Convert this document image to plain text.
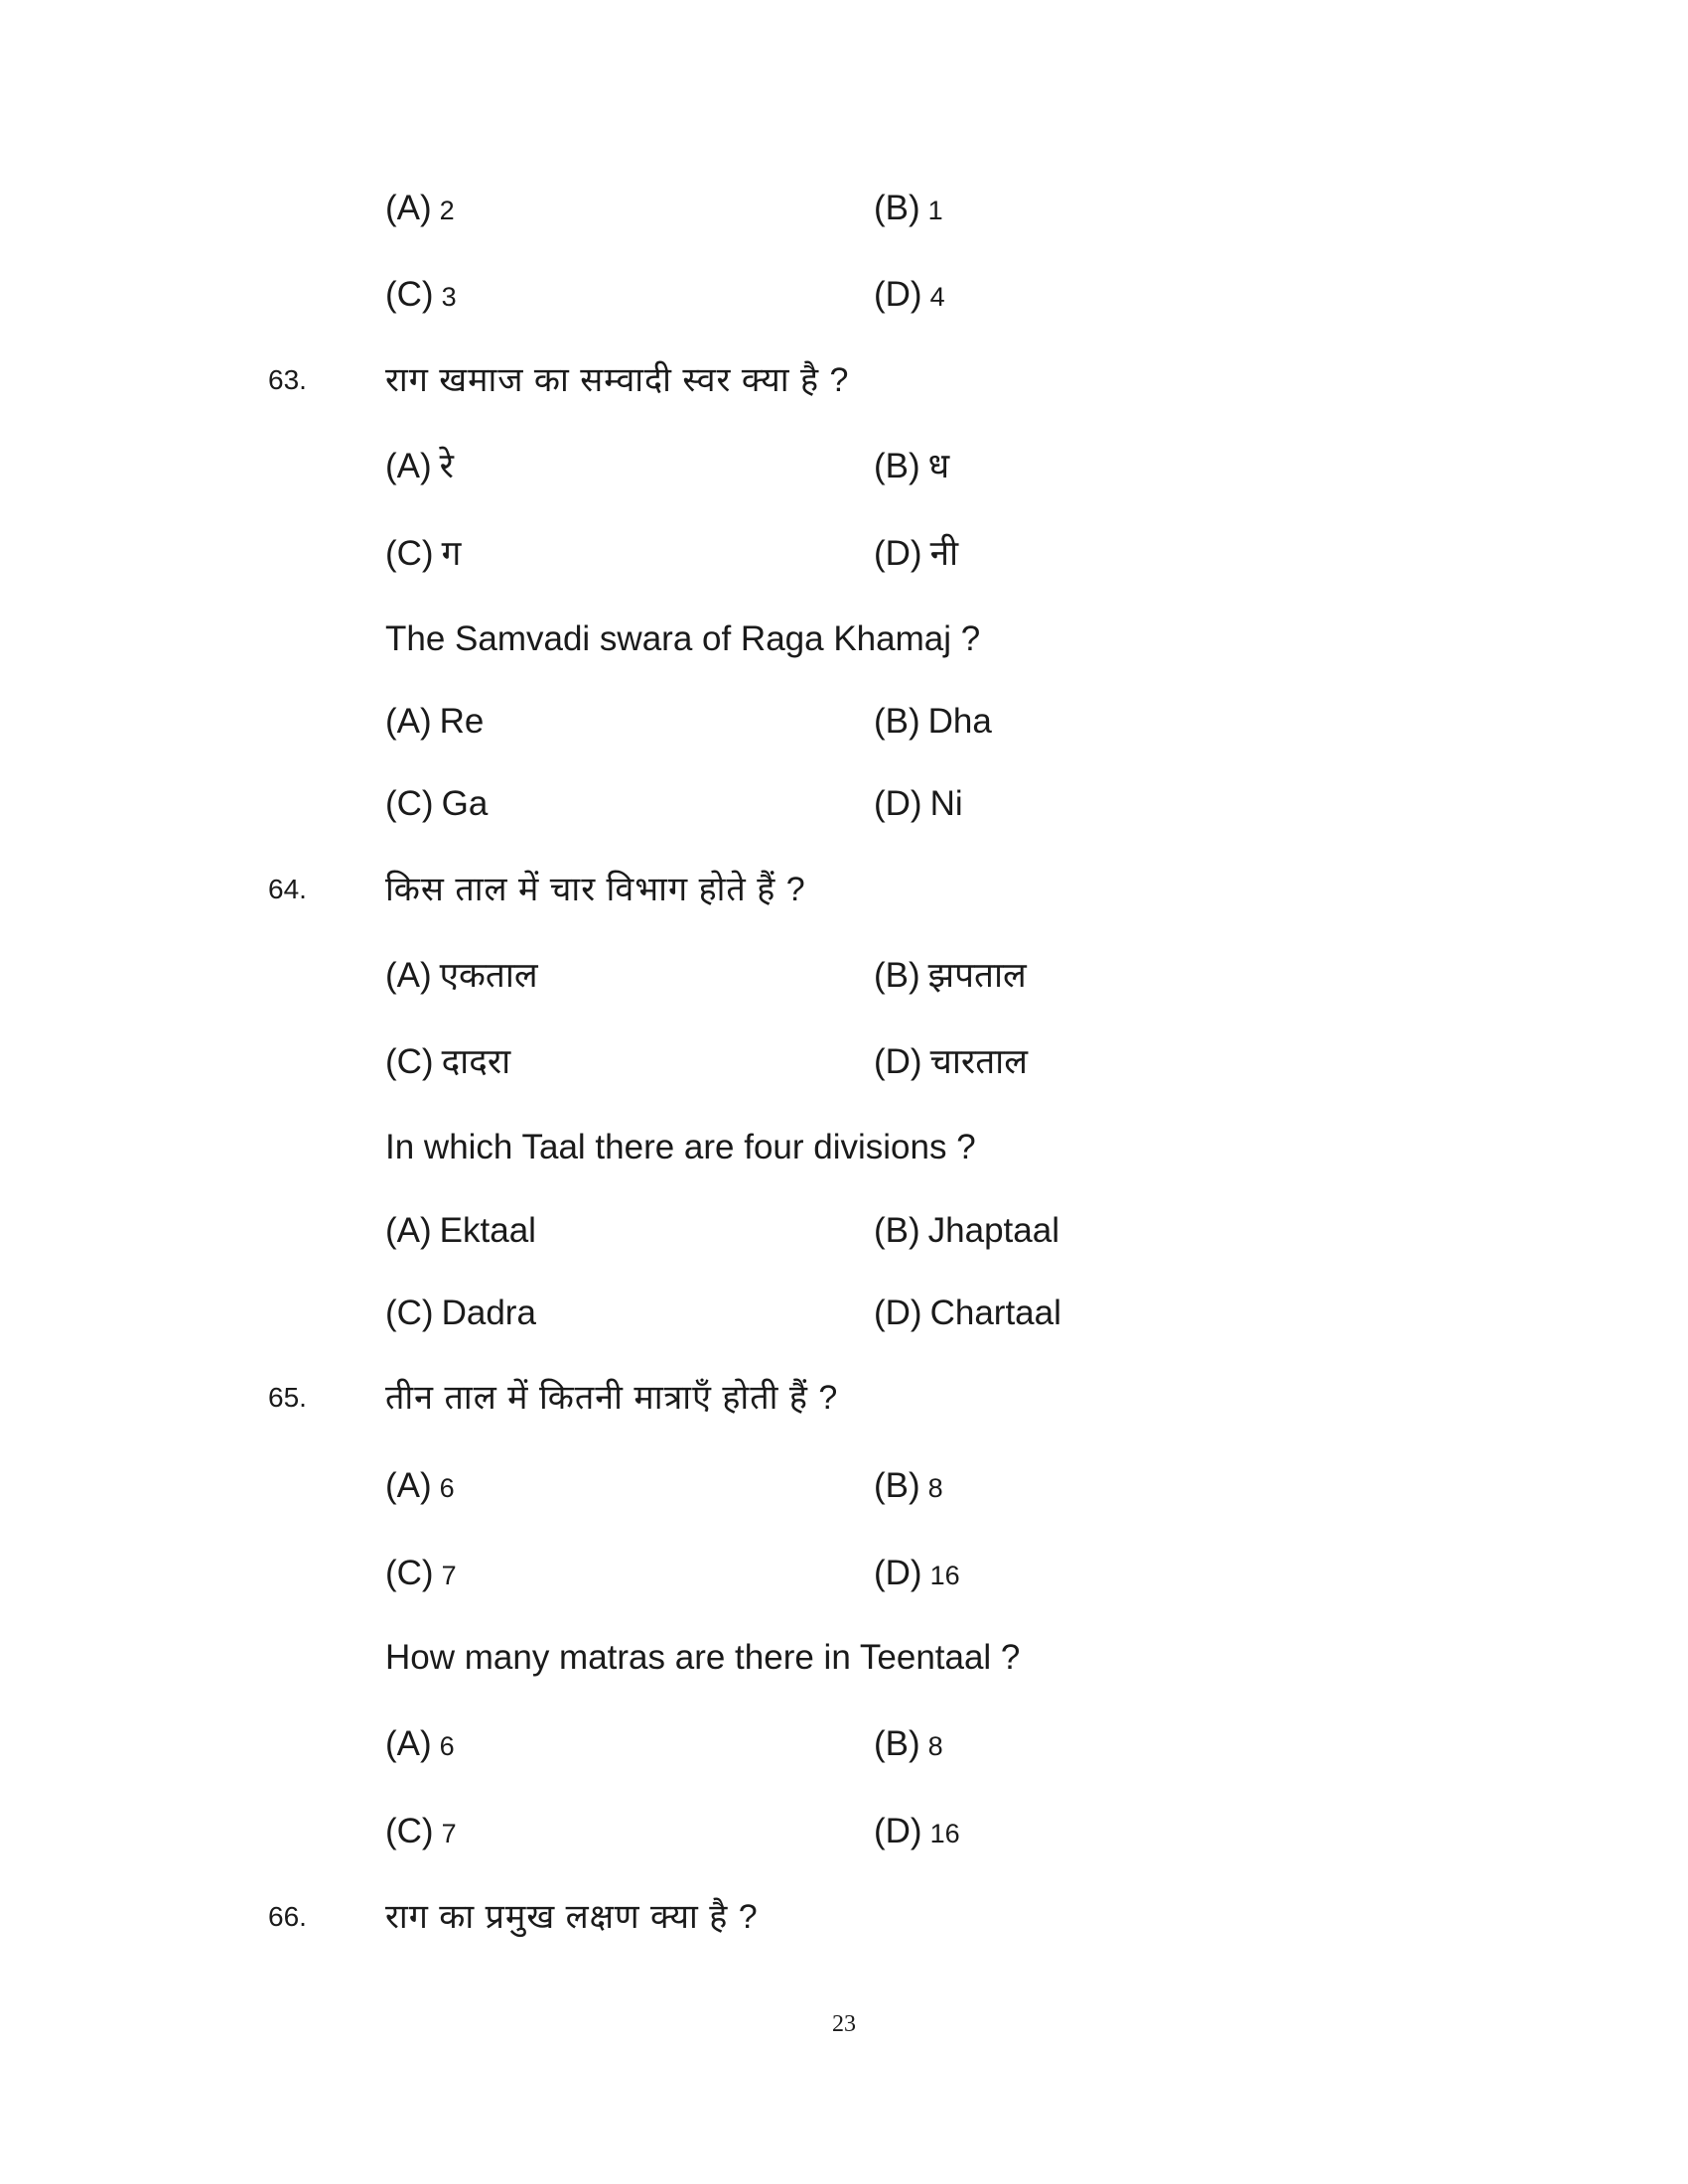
(A) 2	(B) 1
(C) 3	(D) 4
63. राग खमाज का सम्वादी स्वर क्या है ?
(A) रे	(B) ध
(C) ग	(D) नी
The Samvadi swara of Raga Khamaj ?
(A) Re	(B) Dha
(C) Ga	(D) Ni
64. किस ताल में चार विभाग होते हैं ?
(A) एकताल	(B) झपताल
(C) दादरा	(D) चारताल
In which Taal there are four divisions ?
(A) Ektaal	(B) Jhaptaal
(C) Dadra	(D) Chartaal
65. तीन ताल में कितनी मात्राएँ होती हैं ?
(A) 6	(B) 8
(C) 7	(D) 16
How many matras are there in Teentaal ?
(A) 6	(B) 8
(C) 7	(D) 16
66. राग का प्रमुख लक्षण क्या है ?
23
